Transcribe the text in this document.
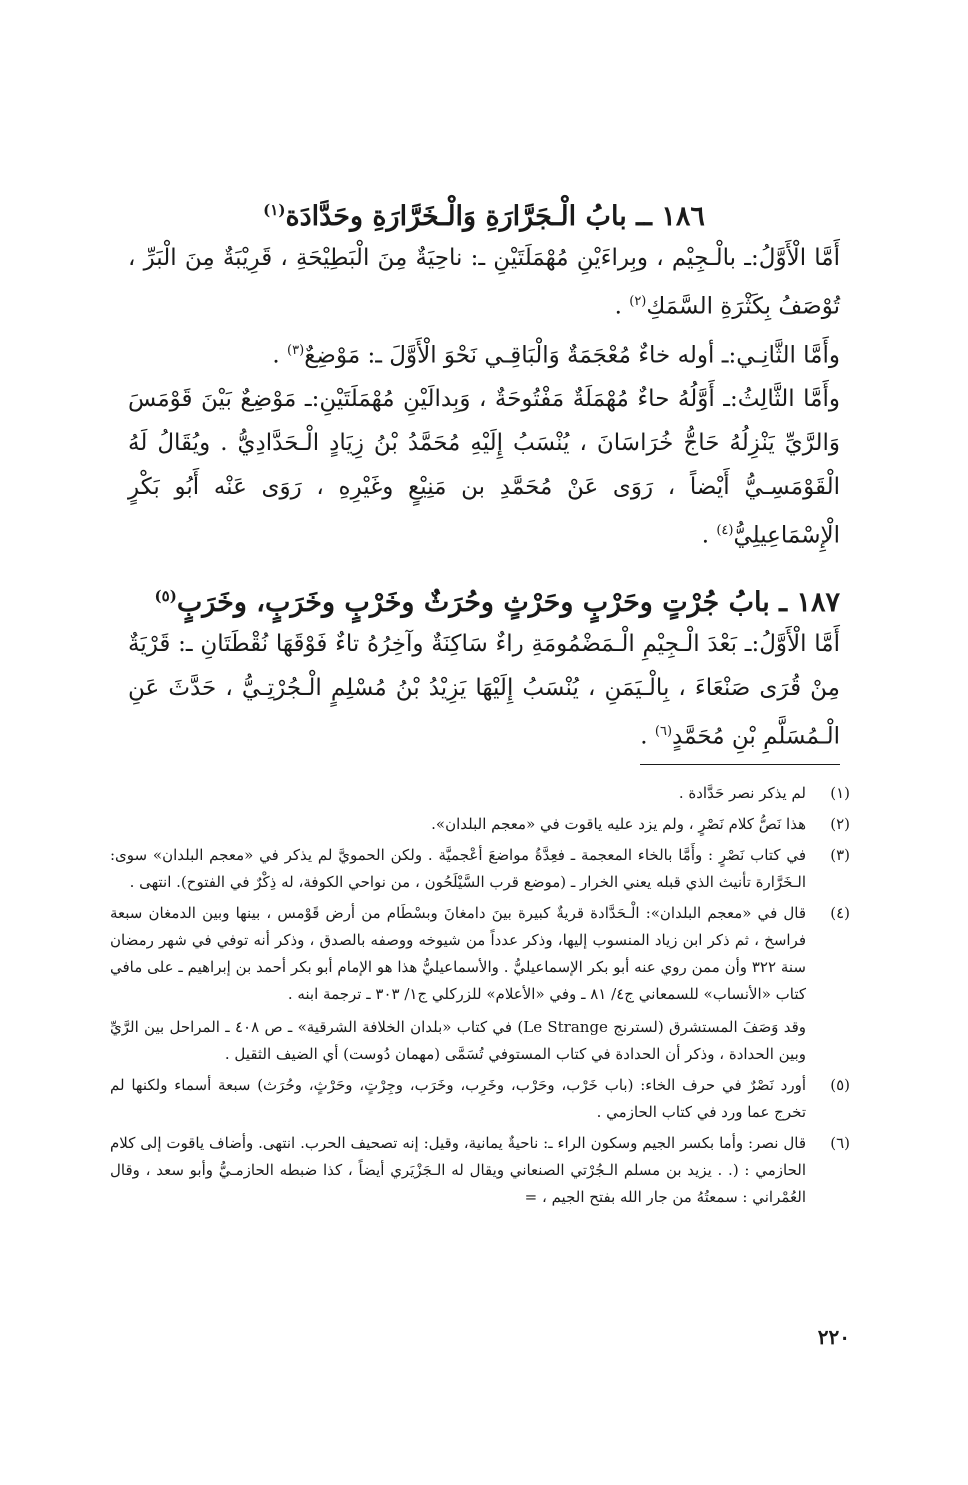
١٨٦ ــ بابُ الْـجَرَّارَةِ وَالْـخَرَّارَةِ وحَدَّادَة$^{(١)}$

أَمَّا الْأَوَّلُ:ـ بالْـجِيْم ، وبِراءَيْنِ مُهْمَلَتَيْنِ ـ: ناحِيَةٌ مِنَ الْبَطِيْحَةِ ، قَرِيْبَةٌ مِنَ الْبَرِّ ، تُوْصَفُ بِكَثْرَةِ السَّمَكِ$^{(٢)}$ .

وأَمَّا الثَّانِـي:ـ أوله خاءٌ مُعْجَمَةٌ وَالْبَاقِـي نَحْوَ الْأَوَّلَ ـ: مَوْضِعٌ$^{(٣)}$ .

وأَمَّا الثَّالِثُ:ـ أَوَّلُهُ حاءٌ مُهْمَلَةٌ مَفْتُوحَةٌ ، وَبِدالَيْنِ مُهْمَلَتَيْنِ:ـ مَوْضِعٌ بَيْنَ قَوْمَسَ وَالرَّيِّ يَنْزِلُهُ حَاجُّ خُرَاسَانَ ، يُنْسَبُ إِلَيْهِ مُحَمَّدُ بْنُ زِيَادٍ الْـحَدَّادِيُّ . ويُقَالُ لَهُ الْقَوْمَسِـيُّ أَيْضاً ، رَوَى عَنْ مُحَمَّدِ بن مَنِيْعٍ وغَيْرِهِ ، رَوَى عَنْه أَبُو بَكْرٍ الْإِسْمَاعِيلِيُّ$^{(٤)}$ .

١٨٧ ـ بابُ جُرْتٍ وحَرْبٍ وحَرْثٍ وحُرَثٌ وخَرْبٍ وخَرَبٍ، وخَرَبٍ$^{(٥)}$

أَمَّا الْأَوَّلُ:ـ بَعْدَ الْـجِيْمِ الْـمَضْمُومَةِ راءٌ سَاكِنَةٌ وآخِرُهُ تاءٌ فَوْقَهَا نُقْطَتَانِ ـ: قَرْيَةٌ مِنْ قُرَى صَنْعَاءَ ، بِالْـيَمَنِ ، يُنْسَبُ إِلَيْهَا يَزِيْدُ بْنُ مُسْلِمٍ الْـجُرْتِـيُّ ، حَدَّثَ عَنِ الْـمُسَلَّمِ بْنِ مُحَمَّدٍ$^{(٦)}$ .

(١)

لم يذكر نصر حَدَّادة .

(٢)

هذا نَصُّ كلام نَصْرٍ ، ولم يزد عليه ياقوت في «معجم البلدان».

(٣)

في كتاب نَصْرٍ : وأَمَّا بالخاء المعجمة ـ فعِدَّةُ مواضعَ أعْجميَّة . ولكن الحمويَّ لم يذكر في «معجم البلدان» سوى: الـخَرَّارة تأنيث الذي قبله يعني الخرار ـ (موضع قرب السَّيْلَحُون ، من نواحي الكوفة، له ذِكْرٌ في الفتوح). انتهى .

(٤)

قال في «معجم البلدان»: الْـحَدَّادة قريةٌ كبيرة بينَ دامغانَ وبسْطَام من أرض قَوْمس ، بينها وبين الدمغان سبعة فراسخ ، ثم ذكر ابن زياد المنسوب إليها، وذكر عدداً من شيوخه ووصفه بالصدق ، وذكر أنه توفي في شهر رمضان سنة ٣٢٢ وأن ممن روي عنه أبو بكر الإسماعيليُّ . والأسماعيليُّ هذا هو الإمام أبو بكر أحمد بن إبراهيم ـ على مافي كتاب «الأنساب» للسمعاني ج٤/ ٨١ ـ وفي «الأعلام» للزركلي ج١/ ٣٠٣ ـ ترجمة ابنه .

وقد وَصَفَ المستشرق (لسترنج Le Strange) في كتاب «بلدان الخلافة الشرقية» ـ ص ٤٠٨ ـ المراحل بين الرَّيِّ وبين الحدادة ، وذكر أن الحدادة في كتاب المستوفي تُسَمَّى (مهمان دُوست) أي الضيف الثقيل .

(٥)

أورد نَصْرٌ في حرف الخاء: (باب خَرْب، وحَرْب، وخَرِب، وخَرَب، وجِرْتٍ، وحَرْثٍ، وحُرَث) سبعة أسماء ولكنها لم تخرج عما ورد في كتاب الحازمي .

(٦)

قال نصر: وأما بكسر الجيم وسكون الراء ـ: ناحيةٌ يمانية، وقيل: إنه تصحيف الحرب. انتهى. وأضاف ياقوت إلى كلام الحازمي : (. . يزيد بن مسلم الـجُرْتي الصنعاني ويقال له الـجَزْيَري أيضاً ، كذا ضبطه الحازمـيُّ وأبو سعد ، وقال العُمْراني : سمعتُهُ من جار الله بفتح الجيم ، =

٢٢٠
